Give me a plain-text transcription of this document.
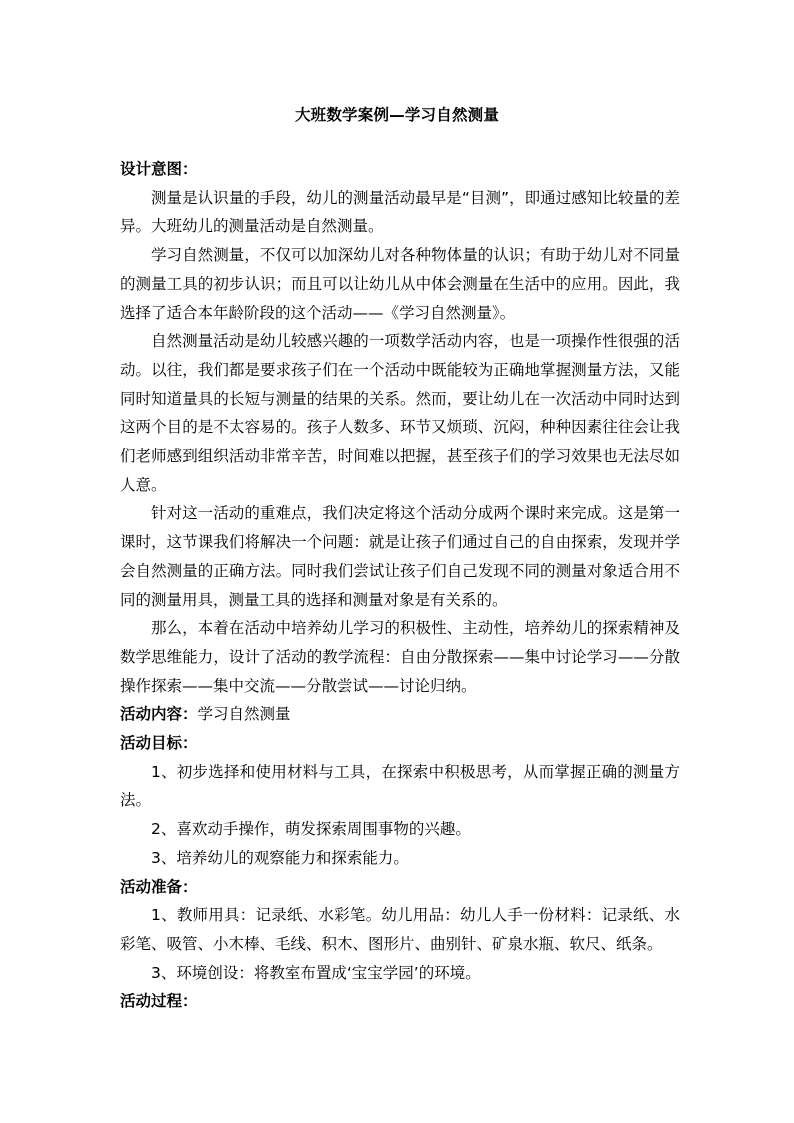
大班数学案例—学习自然测量

设计意图：

测量是认识量的手段，幼儿的测量活动最早是“目测”，即通过感知比较量的差异。大班幼儿的测量活动是自然测量。

学习自然测量，不仅可以加深幼儿对各种物体量的认识；有助于幼儿对不同量的测量工具的初步认识；而且可以让幼儿从中体会测量在生活中的应用。因此，我选择了适合本年龄阶段的这个活动——《学习自然测量》。

自然测量活动是幼儿较感兴趣的一项数学活动内容，也是一项操作性很强的活动。以往，我们都是要求孩子们在一个活动中既能较为正确地掌握测量方法，又能同时知道量具的长短与测量的结果的关系。然而，要让幼儿在一次活动中同时达到这两个目的是不太容易的。孩子人数多、环节又烦琐、沉闷，种种因素往往会让我们老师感到组织活动非常辛苦，时间难以把握，甚至孩子们的学习效果也无法尽如人意。

针对这一活动的重难点，我们决定将这个活动分成两个课时来完成。这是第一课时，这节课我们将解决一个问题：就是让孩子们通过自己的自由探索，发现并学会自然测量的正确方法。同时我们尝试让孩子们自己发现不同的测量对象适合用不同的测量用具，测量工具的选择和测量对象是有关系的。

那么，本着在活动中培养幼儿学习的积极性、主动性，培养幼儿的探索精神及数学思维能力，设计了活动的教学流程：自由分散探索——集中讨论学习——分散操作探索——集中交流——分散尝试——讨论归纳。

活动内容：学习自然测量

活动目标：

1、初步选择和使用材料与工具，在探索中积极思考，从而掌握正确的测量方法。

2、喜欢动手操作，萌发探索周围事物的兴趣。

3、培养幼儿的观察能力和探索能力。

活动准备：

1、教师用具：记录纸、水彩笔。幼儿用品：幼儿人手一份材料：记录纸、水彩笔、吸管、小木棒、毛线、积木、图形片、曲别针、矿泉水瓶、软尺、纸条。

3、环境创设：将教室布置成‘宝宝学园’的环境。

活动过程：
